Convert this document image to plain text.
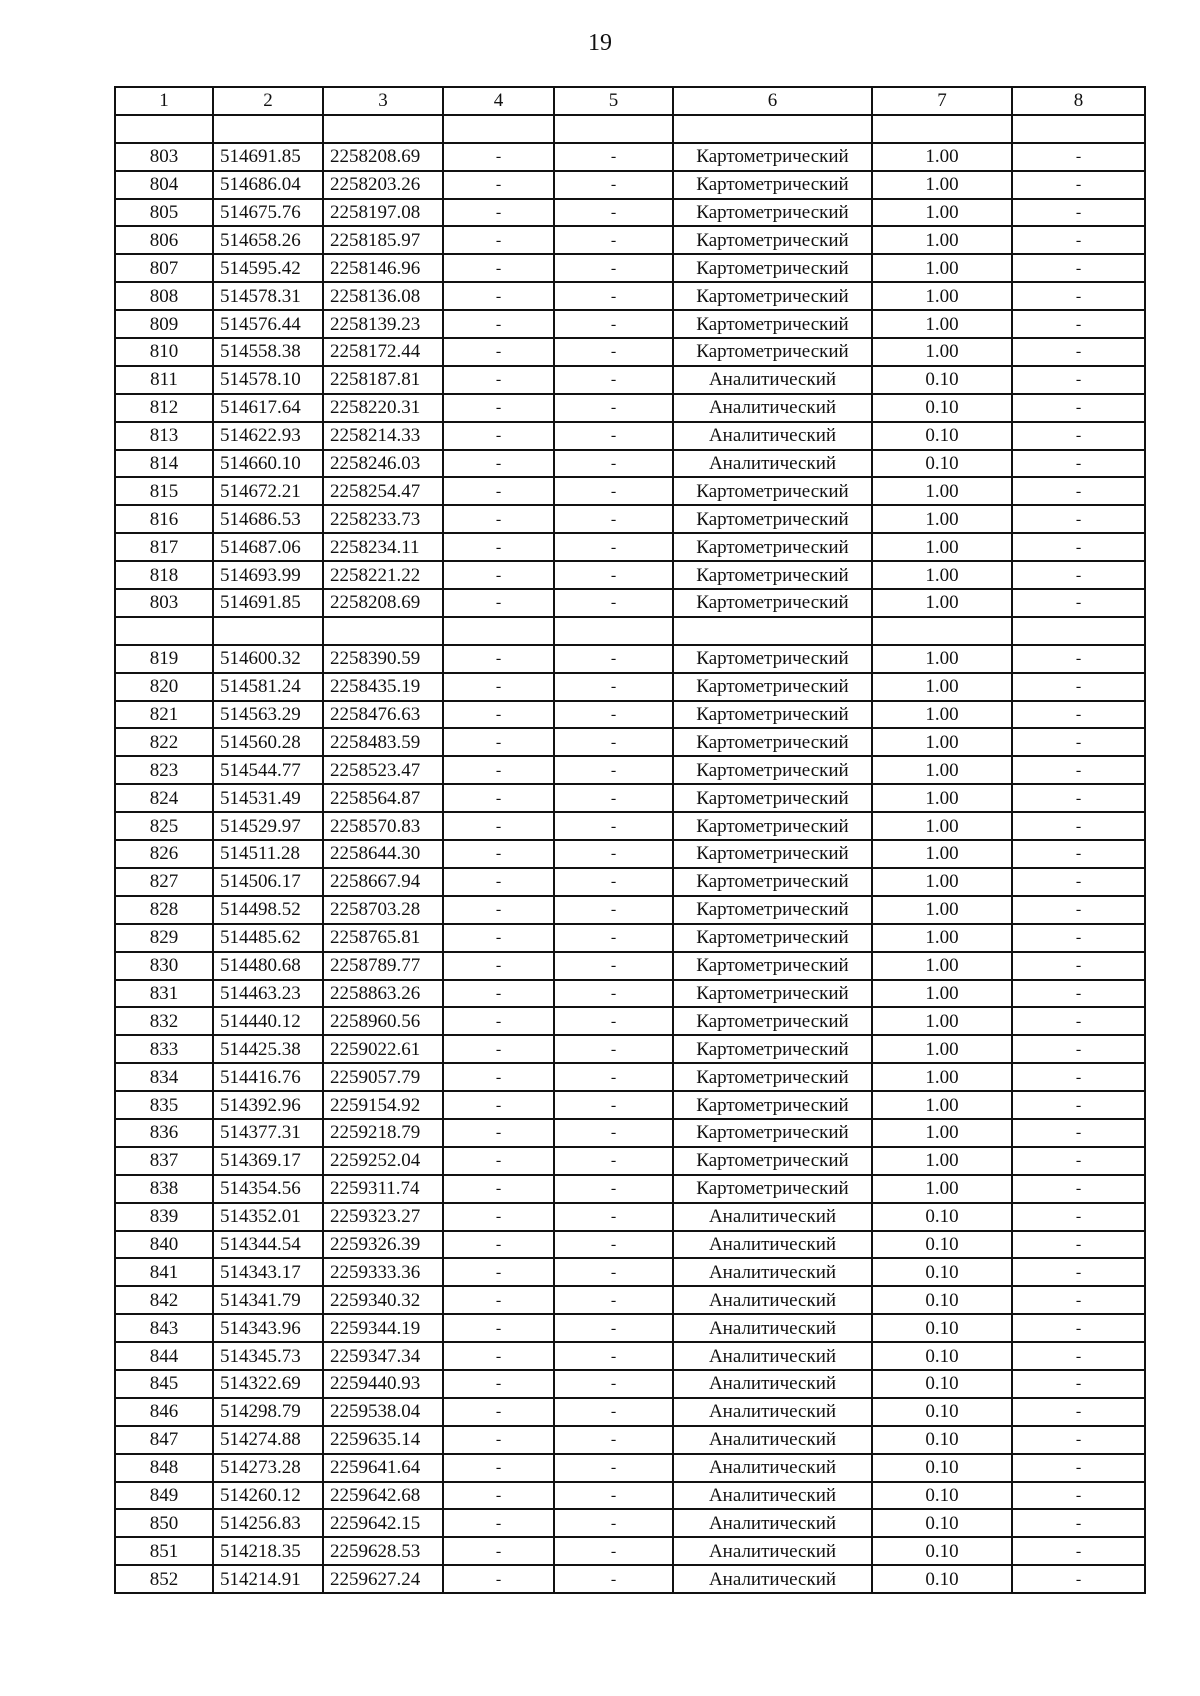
19
1	2	3	4	5	6	7	8

803	514691.85	2258208.69	-	-	Картометрический	1.00	-
804	514686.04	2258203.26	-	-	Картометрический	1.00	-
805	514675.76	2258197.08	-	-	Картометрический	1.00	-
806	514658.26	2258185.97	-	-	Картометрический	1.00	-
807	514595.42	2258146.96	-	-	Картометрический	1.00	-
808	514578.31	2258136.08	-	-	Картометрический	1.00	-
809	514576.44	2258139.23	-	-	Картометрический	1.00	-
810	514558.38	2258172.44	-	-	Картометрический	1.00	-
811	514578.10	2258187.81	-	-	Аналитический	0.10	-
812	514617.64	2258220.31	-	-	Аналитический	0.10	-
813	514622.93	2258214.33	-	-	Аналитический	0.10	-
814	514660.10	2258246.03	-	-	Аналитический	0.10	-
815	514672.21	2258254.47	-	-	Картометрический	1.00	-
816	514686.53	2258233.73	-	-	Картометрический	1.00	-
817	514687.06	2258234.11	-	-	Картометрический	1.00	-
818	514693.99	2258221.22	-	-	Картометрический	1.00	-
803	514691.85	2258208.69	-	-	Картометрический	1.00	-

819	514600.32	2258390.59	-	-	Картометрический	1.00	-
820	514581.24	2258435.19	-	-	Картометрический	1.00	-
821	514563.29	2258476.63	-	-	Картометрический	1.00	-
822	514560.28	2258483.59	-	-	Картометрический	1.00	-
823	514544.77	2258523.47	-	-	Картометрический	1.00	-
824	514531.49	2258564.87	-	-	Картометрический	1.00	-
825	514529.97	2258570.83	-	-	Картометрический	1.00	-
826	514511.28	2258644.30	-	-	Картометрический	1.00	-
827	514506.17	2258667.94	-	-	Картометрический	1.00	-
828	514498.52	2258703.28	-	-	Картометрический	1.00	-
829	514485.62	2258765.81	-	-	Картометрический	1.00	-
830	514480.68	2258789.77	-	-	Картометрический	1.00	-
831	514463.23	2258863.26	-	-	Картометрический	1.00	-
832	514440.12	2258960.56	-	-	Картометрический	1.00	-
833	514425.38	2259022.61	-	-	Картометрический	1.00	-
834	514416.76	2259057.79	-	-	Картометрический	1.00	-
835	514392.96	2259154.92	-	-	Картометрический	1.00	-
836	514377.31	2259218.79	-	-	Картометрический	1.00	-
837	514369.17	2259252.04	-	-	Картометрический	1.00	-
838	514354.56	2259311.74	-	-	Картометрический	1.00	-
839	514352.01	2259323.27	-	-	Аналитический	0.10	-
840	514344.54	2259326.39	-	-	Аналитический	0.10	-
841	514343.17	2259333.36	-	-	Аналитический	0.10	-
842	514341.79	2259340.32	-	-	Аналитический	0.10	-
843	514343.96	2259344.19	-	-	Аналитический	0.10	-
844	514345.73	2259347.34	-	-	Аналитический	0.10	-
845	514322.69	2259440.93	-	-	Аналитический	0.10	-
846	514298.79	2259538.04	-	-	Аналитический	0.10	-
847	514274.88	2259635.14	-	-	Аналитический	0.10	-
848	514273.28	2259641.64	-	-	Аналитический	0.10	-
849	514260.12	2259642.68	-	-	Аналитический	0.10	-
850	514256.83	2259642.15	-	-	Аналитический	0.10	-
851	514218.35	2259628.53	-	-	Аналитический	0.10	-
852	514214.91	2259627.24	-	-	Аналитический	0.10	-
